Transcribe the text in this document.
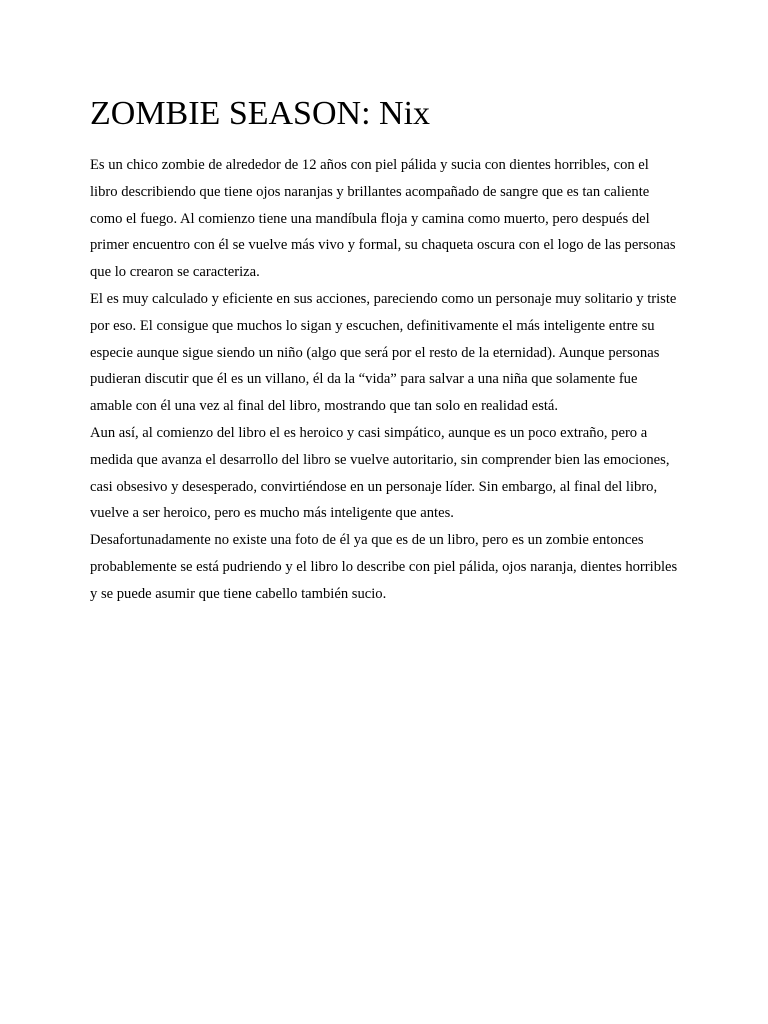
ZOMBIE SEASON: Nix

Es un chico zombie de alrededor de 12 años con piel pálida y sucia con dientes horribles, con el libro describiendo que tiene ojos naranjas y brillantes acompañado de sangre que es tan caliente como el fuego. Al comienzo tiene una mandíbula floja y camina como muerto, pero después del primer encuentro con él se vuelve más vivo y formal, su chaqueta oscura con el logo de las personas que lo crearon se caracteriza.

El es muy calculado y eficiente en sus acciones, pareciendo como un personaje muy solitario y triste por eso. El consigue que muchos lo sigan y escuchen, definitivamente el más inteligente entre su especie aunque sigue siendo un niño (algo que será por el resto de la eternidad). Aunque personas pudieran discutir que él es un villano, él da la “vida” para salvar a una niña que solamente fue amable con él una vez al final del libro, mostrando que tan solo en realidad está.

Aun así, al comienzo del libro el es heroico y casi simpático, aunque es un poco extraño, pero a medida que avanza el desarrollo del libro se vuelve autoritario, sin comprender bien las emociones, casi obsesivo y desesperado, convirtiéndose en un personaje líder. Sin embargo, al final del libro, vuelve a ser heroico, pero es mucho más inteligente que antes.

Desafortunadamente no existe una foto de él ya que es de un libro, pero es un zombie entonces probablemente se está pudriendo y el libro lo describe con piel pálida, ojos naranja, dientes horribles y se puede asumir que tiene cabello también sucio.
